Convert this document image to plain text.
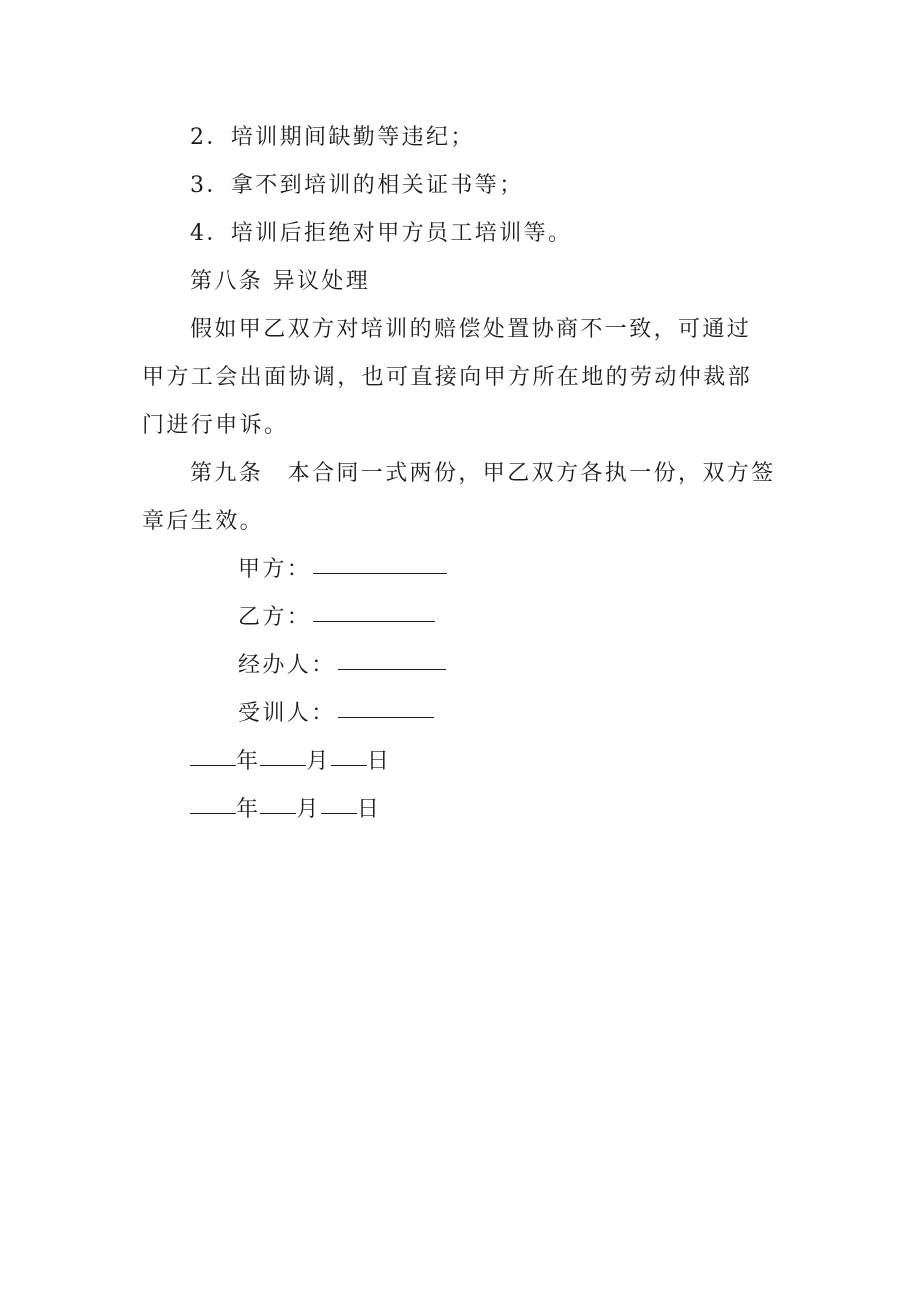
2．培训期间缺勤等违纪；

3．拿不到培训的相关证书等；

4．培训后拒绝对甲方员工培训等。

第八条 异议处理

假如甲乙双方对培训的赔偿处置协商不一致，可通过

甲方工会出面协调，也可直接向甲方所在地的劳动仲裁部

门进行申诉。

第九条　本合同一式两份，甲乙双方各执一份，双方签

章后生效。

甲方：

乙方：

经办人：

受训人：

年 月 日

年 月 日
